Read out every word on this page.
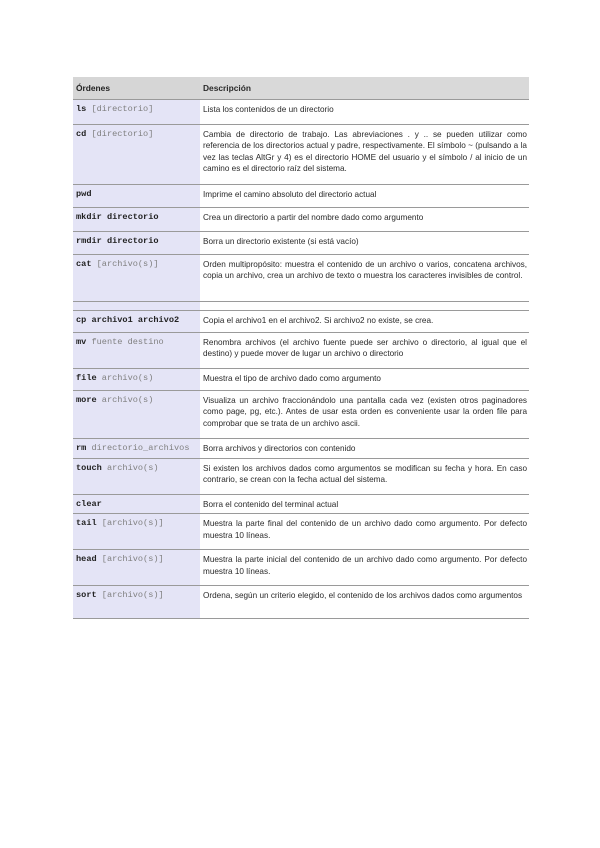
Órdenes	Descripción
ls [directorio]	Lista los contenidos de un directorio
cd [directorio]	Cambia de directorio de trabajo. Las abreviaciones . y .. se pueden utilizar como referencia de los directorios actual y padre, respectivamente. El símbolo ~ (pulsando a la vez las teclas AltGr y 4) es el directorio HOME del usuario y el símbolo / al inicio de un camino es el directorio raíz del sistema.
pwd	Imprime el camino absoluto del directorio actual
mkdir directorio	Crea un directorio a partir del nombre dado como argumento
rmdir directorio	Borra un directorio existente (si está vacío)
cat [archivo(s)]	Orden multipropósito: muestra el contenido de un archivo o varios, concatena archivos, copia un archivo, crea un archivo de texto o muestra los caracteres invisibles de control.
cp archivo1 archivo2	Copia el archivo1 en el archivo2. Si archivo2 no existe, se crea.
mv fuente destino	Renombra archivos (el archivo fuente puede ser archivo o directorio, al igual que el destino) y puede mover de lugar un archivo o directorio
file archivo(s)	Muestra el tipo de archivo dado como argumento
more archivo(s)	Visualiza un archivo fraccionándolo una pantalla cada vez (existen otros paginadores como page, pg, etc.). Antes de usar esta orden es conveniente usar la orden file para comprobar que se trata de un archivo ascii.
rm directorio_archivos	Borra archivos y directorios con contenido
touch archivo(s)	Si existen los archivos dados como argumentos se modifican su fecha y hora. En caso contrario, se crean con la fecha actual del sistema.
clear	Borra el contenido del terminal actual
tail [archivo(s)]	Muestra la parte final del contenido de un archivo dado como argumento. Por defecto muestra 10 líneas.
head [archivo(s)]	Muestra la parte inicial del contenido de un archivo dado como argumento. Por defecto muestra 10 líneas.
sort [archivo(s)]	Ordena, según un criterio elegido, el contenido de los archivos dados como argumentos
